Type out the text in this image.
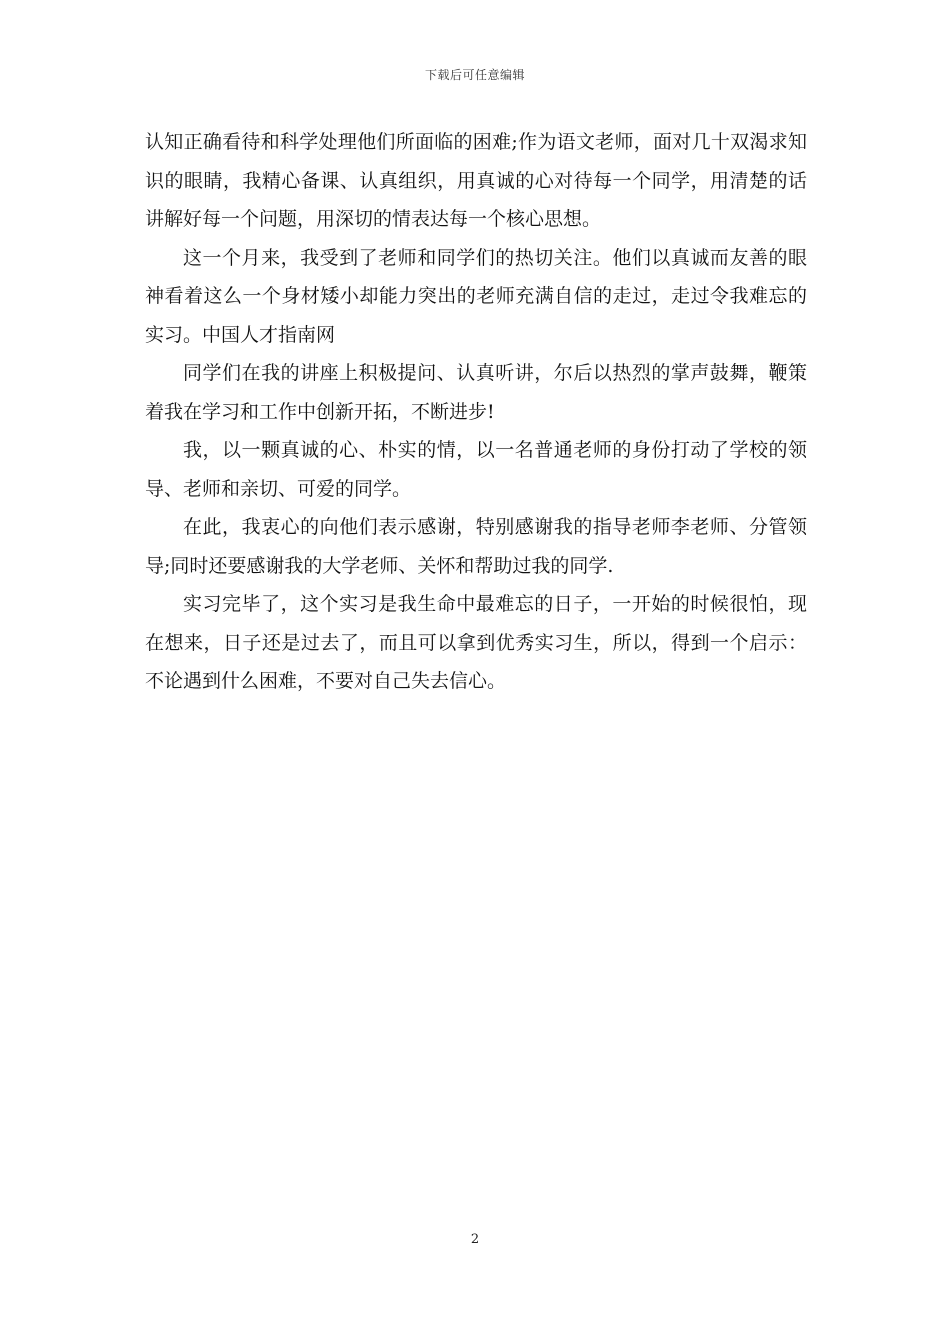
下载后可任意编辑

认知正确看待和科学处理他们所面临的困难;作为语文老师，面对几十双渴求知识的眼睛，我精心备课、认真组织，用真诚的心对待每一个同学，用清楚的话讲解好每一个问题，用深切的情表达每一个核心思想。

这一个月来，我受到了老师和同学们的热切关注。他们以真诚而友善的眼神看着这么一个身材矮小却能力突出的老师充满自信的走过，走过令我难忘的实习。中国人才指南网

同学们在我的讲座上积极提问、认真听讲，尔后以热烈的掌声鼓舞，鞭策着我在学习和工作中创新开拓，不断进步!

我，以一颗真诚的心、朴实的情，以一名普通老师的身份打动了学校的领导、老师和亲切、可爱的同学。

在此，我衷心的向他们表示感谢，特别感谢我的指导老师李老师、分管领导;同时还要感谢我的大学老师、关怀和帮助过我的同学.

实习完毕了，这个实习是我生命中最难忘的日子，一开始的时候很怕，现在想来，日子还是过去了，而且可以拿到优秀实习生，所以，得到一个启示：不论遇到什么困难，不要对自己失去信心。

2
